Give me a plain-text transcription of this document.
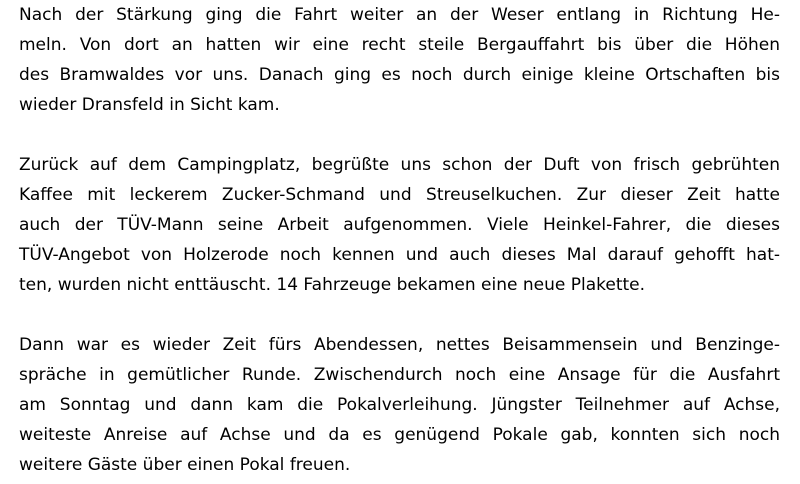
Nach der Stärkung ging die Fahrt weiter an der Weser entlang in Richtung He-
meln. Von dort an hatten wir eine recht steile Bergauffahrt bis über die Höhen
des Bramwaldes vor uns. Danach ging es noch durch einige kleine Ortschaften bis
wieder Dransfeld in Sicht kam.
Zurück auf dem Campingplatz, begrüßte uns schon der Duft von frisch gebrühten
Kaffee mit leckerem Zucker-Schmand und Streuselkuchen. Zur dieser Zeit hatte
auch der TÜV-Mann seine Arbeit aufgenommen. Viele Heinkel-Fahrer, die dieses
TÜV-Angebot von Holzerode noch kennen und auch dieses Mal darauf gehofft hat-
ten, wurden nicht enttäuscht. 14 Fahrzeuge bekamen eine neue Plakette.
Dann war es wieder Zeit fürs Abendessen, nettes Beisammensein und Benzinge-
spräche in gemütlicher Runde. Zwischendurch noch eine Ansage für die Ausfahrt
am Sonntag und dann kam die Pokalverleihung. Jüngster Teilnehmer auf Achse,
weiteste Anreise auf Achse und da es genügend Pokale gab, konnten sich noch
weitere Gäste über einen Pokal freuen.
